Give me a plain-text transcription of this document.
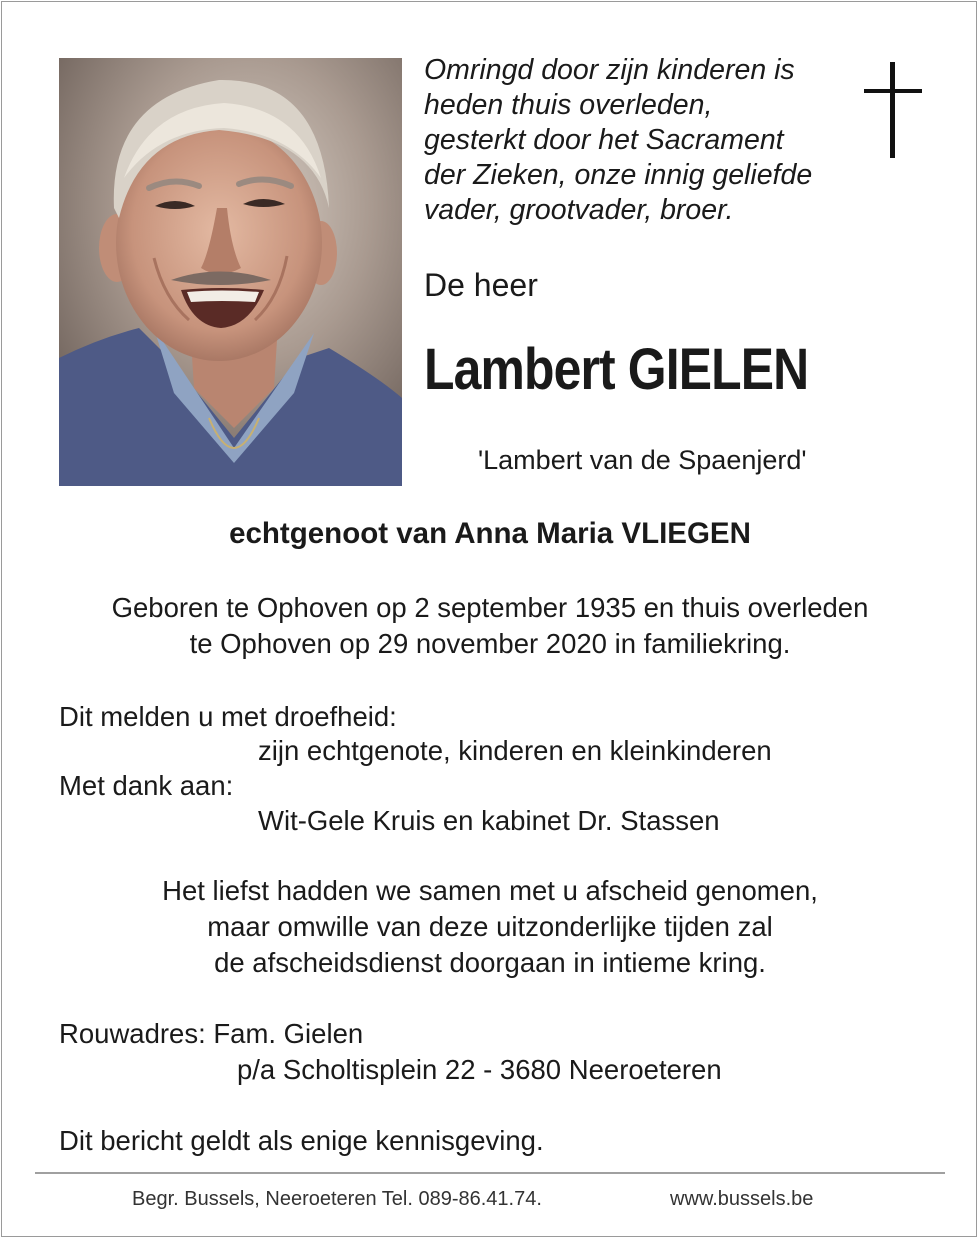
Omringd door zijn kinderen is
heden thuis overleden,
gesterkt door het Sacrament
der Zieken, onze innig geliefde
vader, grootvader, broer.
De heer
Lambert GIELEN
'Lambert van de Spaenjerd'
echtgenoot van Anna Maria VLIEGEN
Geboren te Ophoven op 2 september 1935 en thuis overleden
te Ophoven op 29 november 2020 in familiekring.
Dit melden u met droefheid:
zijn echtgenote, kinderen en kleinkinderen
Met dank aan:
Wit-Gele Kruis en kabinet Dr. Stassen
Het liefst hadden we samen met u afscheid genomen,
maar omwille van deze uitzonderlijke tijden zal
de afscheidsdienst doorgaan in intieme kring.
Rouwadres: Fam. Gielen
p/a Scholtisplein 22 - 3680 Neeroeteren
Dit bericht geldt als enige kennisgeving.
Begr. Bussels, Neeroeteren Tel. 089-86.41.74.	www.bussels.be
